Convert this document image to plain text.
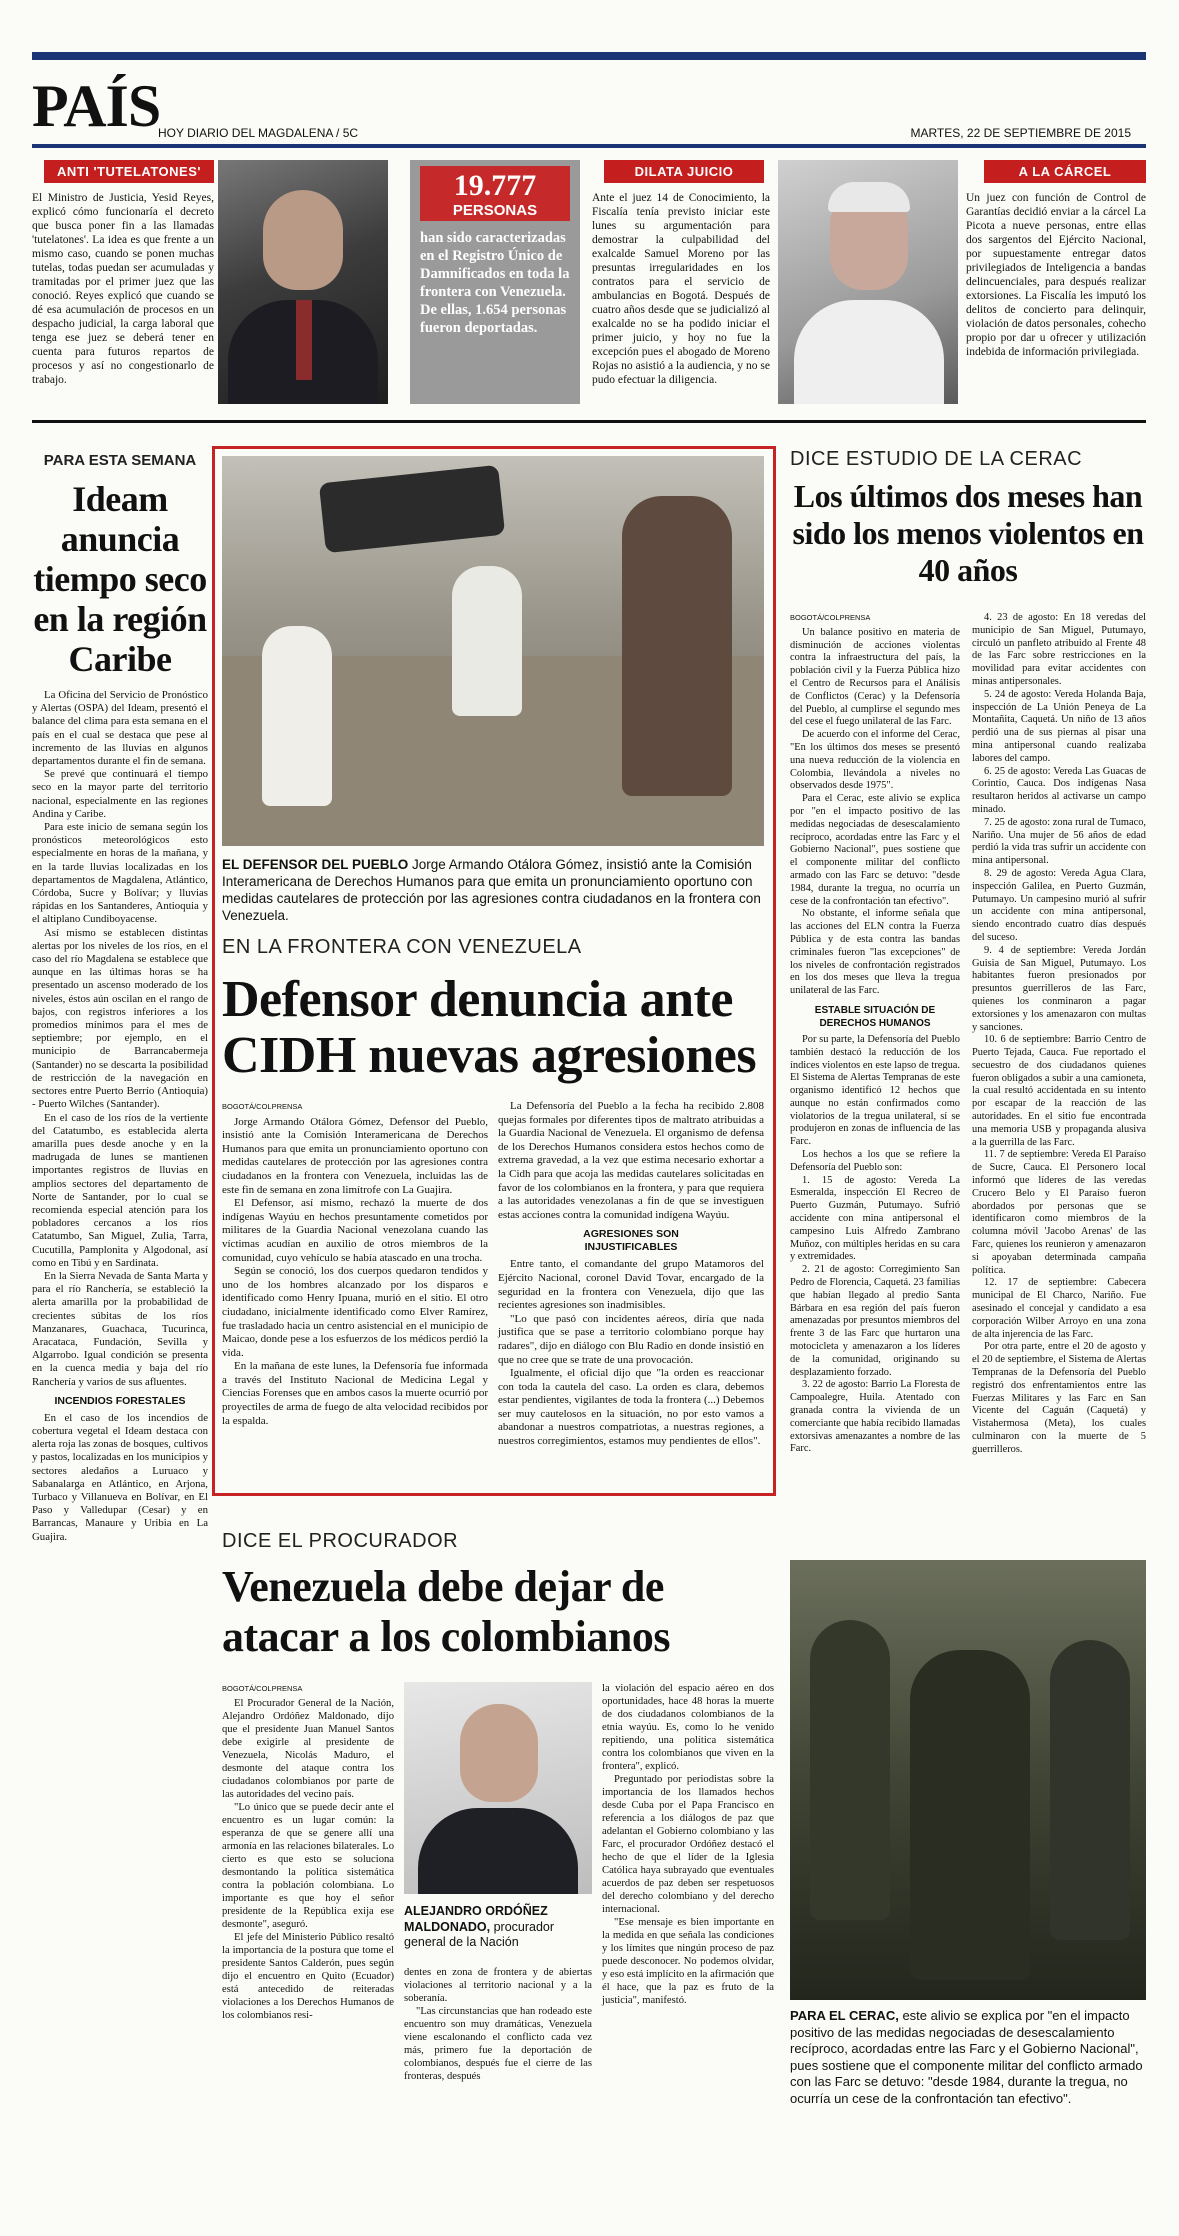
PAÍS
HOY DIARIO DEL MAGDALENA / 5C	MARTES, 22 DE SEPTIEMBRE DE 2015
ANTI 'TUTELATONES'
El Ministro de Justicia, Yesid Reyes, explicó cómo funcionaría el decreto que busca poner fin a las llamadas 'tutelatones'. La idea es que frente a un mismo caso, cuando se ponen muchas tutelas, todas puedan ser acumuladas y tramitadas por el primer juez que las conoció. Reyes explicó que cuando se dé esa acumulación de procesos en un despacho judicial, la carga laboral que tenga ese juez se deberá tener en cuenta para futuros repartos de procesos y así no congestionarlo de trabajo.
19.777
PERSONAS
han sido caracterizadas en el Registro Único de Damnificados en toda la frontera con Venezuela. De ellas, 1.654 personas fueron deportadas.
DILATA JUICIO
Ante el juez 14 de Conocimiento, la Fiscalía tenía previsto iniciar este lunes su argumentación para demostrar la culpabilidad del exalcalde Samuel Moreno por las presuntas irregularidades en los contratos para el servicio de ambulancias en Bogotá. Después de cuatro años desde que se judicializó al exalcalde no se ha podido iniciar el primer juicio, y hoy no fue la excepción pues el abogado de Moreno Rojas no asistió a la audiencia, y no se pudo efectuar la diligencia.
A LA CÁRCEL
Un juez con función de Control de Garantías decidió enviar a la cárcel La Picota a nueve personas, entre ellas dos sargentos del Ejército Nacional, por supuestamente entregar datos privilegiados de Inteligencia a bandas delincuenciales, para después realizar extorsiones. La Fiscalía les imputó los delitos de concierto para delinquir, violación de datos personales, cohecho propio por dar u ofrecer y utilización indebida de información privilegiada.
PARA ESTA SEMANA
Ideam anuncia tiempo seco en la región Caribe

La Oficina del Servicio de Pronóstico y Alertas (OSPA) del Ideam, presentó el balance del clima para esta semana en el país en el cual se destaca que pese al incremento de las lluvias en algunos departamentos durante el fin de semana.

Se prevé que continuará el tiempo seco en la mayor parte del territorio nacional, especialmente en las regiones Andina y Caribe.

Para este inicio de semana según los pronósticos meteorológicos esto especialmente en horas de la mañana, y en la tarde lluvias localizadas en los departamentos de Magdalena, Atlántico, Córdoba, Sucre y Bolívar; y lluvias rápidas en los Santanderes, Antioquia y el altiplano Cundiboyacense.

Así mismo se establecen distintas alertas por los niveles de los ríos, en el caso del río Magdalena se establece que aunque en las últimas horas se ha presentado un ascenso moderado de los niveles, éstos aún oscilan en el rango de bajos, con registros inferiores a los promedios mínimos para el mes de septiembre; por ejemplo, en el municipio de Barrancabermeja (Santander) no se descarta la posibilidad de restricción de la navegación en sectores entre Puerto Berrío (Antioquia) - Puerto Wilches (Santander).

En el caso de los ríos de la vertiente del Catatumbo, es establecida alerta amarilla pues desde anoche y en la madrugada de lunes se mantienen importantes registros de lluvias en amplios sectores del departamento de Norte de Santander, por lo cual se recomienda especial atención para los pobladores cercanos a los ríos Catatumbo, San Miguel, Zulia, Tarra, Cucutilla, Pamplonita y Algodonal, así como en Tibú y en Sardinata.

En la Sierra Nevada de Santa Marta y para el río Ranchería, se estableció la alerta amarilla por la probabilidad de crecientes súbitas de los ríos Manzanares, Guachaca, Tucurinca, Aracataca, Fundación, Sevilla y Algarrobo. Igual condición se presenta en la cuenca media y baja del río Ranchería y varios de sus afluentes.

INCENDIOS FORESTALES

En el caso de los incendios de cobertura vegetal el Ideam destaca con alerta roja las zonas de bosques, cultivos y pastos, localizadas en los municipios y sectores aledaños a Luruaco y Sabanalarga en Atlántico, en Arjona, Turbaco y Villanueva en Bolívar, en El Paso y Valledupar (Cesar) y en Barrancas, Manaure y Uribia en La Guajira.

EL DEFENSOR DEL PUEBLO Jorge Armando Otálora Gómez, insistió ante la Comisión Interamericana de Derechos Humanos para que emita un pronunciamiento oportuno con medidas cautelares de protección por las agresiones contra ciudadanos en la frontera con Venezuela.
EN LA FRONTERA CON VENEZUELA
Defensor denuncia ante CIDH nuevas agresiones
BOGOTÁ/COLPRENSA

Jorge Armando Otálora Gómez, Defensor del Pueblo, insistió ante la Comisión Interamericana de Derechos Humanos para que emita un pronunciamiento oportuno con medidas cautelares de protección por las agresiones contra ciudadanos en la frontera con Venezuela, incluidas las de este fin de semana en zona limítrofe con La Guajira.

El Defensor, así mismo, rechazó la muerte de dos indígenas Wayúu en hechos presuntamente cometidos por militares de la Guardia Nacional venezolana cuando las víctimas acudían en auxilio de otros miembros de la comunidad, cuyo vehículo se había atascado en una trocha.

Según se conoció, los dos cuerpos quedaron tendidos y uno de los hombres alcanzado por los disparos e identificado como Henry Ipuana, murió en el sitio. El otro ciudadano, inicialmente identificado como Elver Ramírez, fue trasladado hacia un centro asistencial en el municipio de Maicao, donde pese a los esfuerzos de los médicos perdió la vida.

En la mañana de este lunes, la Defensoría fue informada a través del Instituto Nacional de Medicina Legal y Ciencias Forenses que en ambos casos la muerte ocurrió por proyectiles de arma de fuego de alta velocidad recibidos por la espalda.

La Defensoría del Pueblo a la fecha ha recibido 2.808 quejas formales por diferentes tipos de maltrato atribuidas a la Guardia Nacional de Venezuela. El organismo de defensa de los Derechos Humanos considera estos hechos como de extrema gravedad, a la vez que estima necesario exhortar a la Cidh para que acoja las medidas cautelares solicitadas en favor de los colombianos en la frontera, y para que requiera a las autoridades venezolanas a fin de que se investiguen estas acciones contra la comunidad indígena Wayúu.

AGRESIONES SON INJUSTIFICABLES

Entre tanto, el comandante del grupo Matamoros del Ejército Nacional, coronel David Tovar, encargado de la seguridad en la frontera con Venezuela, dijo que las recientes agresiones son inadmisibles.

"Lo que pasó con incidentes aéreos, diría que nada justifica que se pase a territorio colombiano porque hay radares", dijo en diálogo con Blu Radio en donde insistió en que no cree que se trate de una provocación.

Igualmente, el oficial dijo que "la orden es reaccionar con toda la cautela del caso. La orden es clara, debemos estar pendientes, vigilantes de toda la frontera (...) Debemos ser muy cautelosos en la situación, no por esto vamos a abandonar a nuestros compatriotas, a nuestras regiones, a nuestros corregimientos, estamos muy pendientes de ellos".

DICE ESTUDIO DE LA CERAC
Los últimos dos meses han sido los menos violentos en 40 años
BOGOTÁ/COLPRENSA

Un balance positivo en materia de disminución de acciones violentas contra la infraestructura del país, la población civil y la Fuerza Pública hizo el Centro de Recursos para el Análisis de Conflictos (Cerac) y la Defensoría del Pueblo, al cumplirse el segundo mes del cese el fuego unilateral de las Farc.

De acuerdo con el informe del Cerac, "En los últimos dos meses se presentó una nueva reducción de la violencia en Colombia, llevándola a niveles no observados desde 1975".

Para el Cerac, este alivio se explica por "en el impacto positivo de las medidas negociadas de desescalamiento recíproco, acordadas entre las Farc y el Gobierno Nacional", pues sostiene que el componente militar del conflicto armado con las Farc se detuvo: "desde 1984, durante la tregua, no ocurría un cese de la confrontación tan efectivo".

No obstante, el informe señala que las acciones del ELN contra la Fuerza Pública y de esta contra las bandas criminales fueron "las excepciones" de los niveles de confrontación registrados en los dos meses que lleva la tregua unilateral de las Farc.

ESTABLE SITUACIÓN DE DERECHOS HUMANOS

Por su parte, la Defensoría del Pueblo también destacó la reducción de los índices violentos en este lapso de tregua. El Sistema de Alertas Tempranas de este organismo identificó 12 hechos que aunque no están confirmados como violatorios de la tregua unilateral, sí se produjeron en zonas de influencia de las Farc.

Los hechos a los que se refiere la Defensoría del Pueblo son:

1. 15 de agosto: Vereda La Esmeralda, inspección El Recreo de Puerto Guzmán, Putumayo. Sufrió accidente con mina antipersonal el campesino Luis Alfredo Zambrano Muñoz, con múltiples heridas en su cara y extremidades.

2. 21 de agosto: Corregimiento San Pedro de Florencia, Caquetá. 23 familias que habían llegado al predio Santa Bárbara en esa región del país fueron amenazadas por presuntos miembros del frente 3 de las Farc que hurtaron una motocicleta y amenazaron a los líderes de la comunidad, originando su desplazamiento forzado.

3. 22 de agosto: Barrio La Floresta de Campoalegre, Huila. Atentado con granada contra la vivienda de un comerciante que había recibido llamadas extorsivas amenazantes a nombre de las Farc.

4. 23 de agosto: En 18 veredas del municipio de San Miguel, Putumayo, circuló un panfleto atribuido al Frente 48 de las Farc sobre restricciones en la movilidad para evitar accidentes con minas antipersonales.

5. 24 de agosto: Vereda Holanda Baja, inspección de La Unión Peneya de La Montañita, Caquetá. Un niño de 13 años perdió una de sus piernas al pisar una mina antipersonal cuando realizaba labores del campo.

6. 25 de agosto: Vereda Las Guacas de Corintio, Cauca. Dos indígenas Nasa resultaron heridos al activarse un campo minado.

7. 25 de agosto: zona rural de Tumaco, Nariño. Una mujer de 56 años de edad perdió la vida tras sufrir un accidente con mina antipersonal.

8. 29 de agosto: Vereda Agua Clara, inspección Galilea, en Puerto Guzmán, Putumayo. Un campesino murió al sufrir un accidente con mina antipersonal, siendo encontrado cuatro días después del suceso.

9. 4 de septiembre: Vereda Jordán Guisia de San Miguel, Putumayo. Los habitantes fueron presionados por presuntos guerrilleros de las Farc, quienes los conminaron a pagar extorsiones y los amenazaron con multas y sanciones.

10. 6 de septiembre: Barrio Centro de Puerto Tejada, Cauca. Fue reportado el secuestro de dos ciudadanos quienes fueron obligados a subir a una camioneta, la cual resultó accidentada en su intento por escapar de la reacción de las autoridades. En el sitio fue encontrada una memoria USB y propaganda alusiva a la guerrilla de las Farc.

11. 7 de septiembre: Vereda El Paraíso de Sucre, Cauca. El Personero local informó que líderes de las veredas Crucero Belo y El Paraíso fueron abordados por personas que se identificaron como miembros de la columna móvil 'Jacobo Arenas' de las Farc, quienes los reunieron y amenazaron si apoyaban determinada campaña política.

12. 17 de septiembre: Cabecera municipal de El Charco, Nariño. Fue asesinado el concejal y candidato a esa corporación Wilber Arroyo en una zona de alta injerencia de las Farc.

Por otra parte, entre el 20 de agosto y el 20 de septiembre, el Sistema de Alertas Tempranas de la Defensoría del Pueblo registró dos enfrentamientos entre las Fuerzas Militares y las Farc en San Vicente del Caguán (Caquetá) y Vistahermosa (Meta), los cuales culminaron con la muerte de 5 guerrilleros.

PARA EL CERAC, este alivio se explica por "en el impacto positivo de las medidas negociadas de desescalamiento recíproco, acordadas entre las Farc y el Gobierno Nacional", pues sostiene que el componente militar del conflicto armado con las Farc se detuvo: "desde 1984, durante la tregua, no ocurría un cese de la confrontación tan efectivo".
DICE EL PROCURADOR
Venezuela debe dejar de atacar a los colombianos
BOGOTÁ/COLPRENSA

El Procurador General de la Nación, Alejandro Ordóñez Maldonado, dijo que el presidente Juan Manuel Santos debe exigirle al presidente de Venezuela, Nicolás Maduro, el desmonte del ataque contra los ciudadanos colombianos por parte de las autoridades del vecino país.

"Lo único que se puede decir ante el encuentro es un lugar común: la esperanza de que se genere allí una armonía en las relaciones bilaterales. Lo cierto es que esto se soluciona desmontando la política sistemática contra la población colombiana. Lo importante es que hoy el señor presidente de la República exija ese desmonte", aseguró.

El jefe del Ministerio Público resaltó la importancia de la postura que tome el presidente Santos Calderón, pues según dijo el encuentro en Quito (Ecuador) está antecedido de reiteradas violaciones a los Derechos Humanos de los colombianos resi-

ALEJANDRO ORDÓÑEZ MALDONADO, procurador general de la Nación

dentes en zona de frontera y de abiertas violaciones al territorio nacional y a la soberanía.

"Las circunstancias que han rodeado este encuentro son muy dramáticas, Venezuela viene escalonando el conflicto cada vez más, primero fue la deportación de colombianos, después fue el cierre de las fronteras, después

la violación del espacio aéreo en dos oportunidades, hace 48 horas la muerte de dos ciudadanos colombianos de la etnia wayúu. Es, como lo he venido repitiendo, una política sistemática contra los colombianos que viven en la frontera", explicó.

Preguntado por periodistas sobre la importancia de los llamados hechos desde Cuba por el Papa Francisco en referencia a los diálogos de paz que adelantan el Gobierno colombiano y las Farc, el procurador Ordóñez destacó el hecho de que el líder de la Iglesia Católica haya subrayado que eventuales acuerdos de paz deben ser respetuosos del derecho colombiano y del derecho internacional.

"Ese mensaje es bien importante en la medida en que señala las condiciones y los límites que ningún proceso de paz puede desconocer. No podemos olvidar, y eso está implícito en la afirmación que él hace, que la paz es fruto de la justicia", manifestó.
